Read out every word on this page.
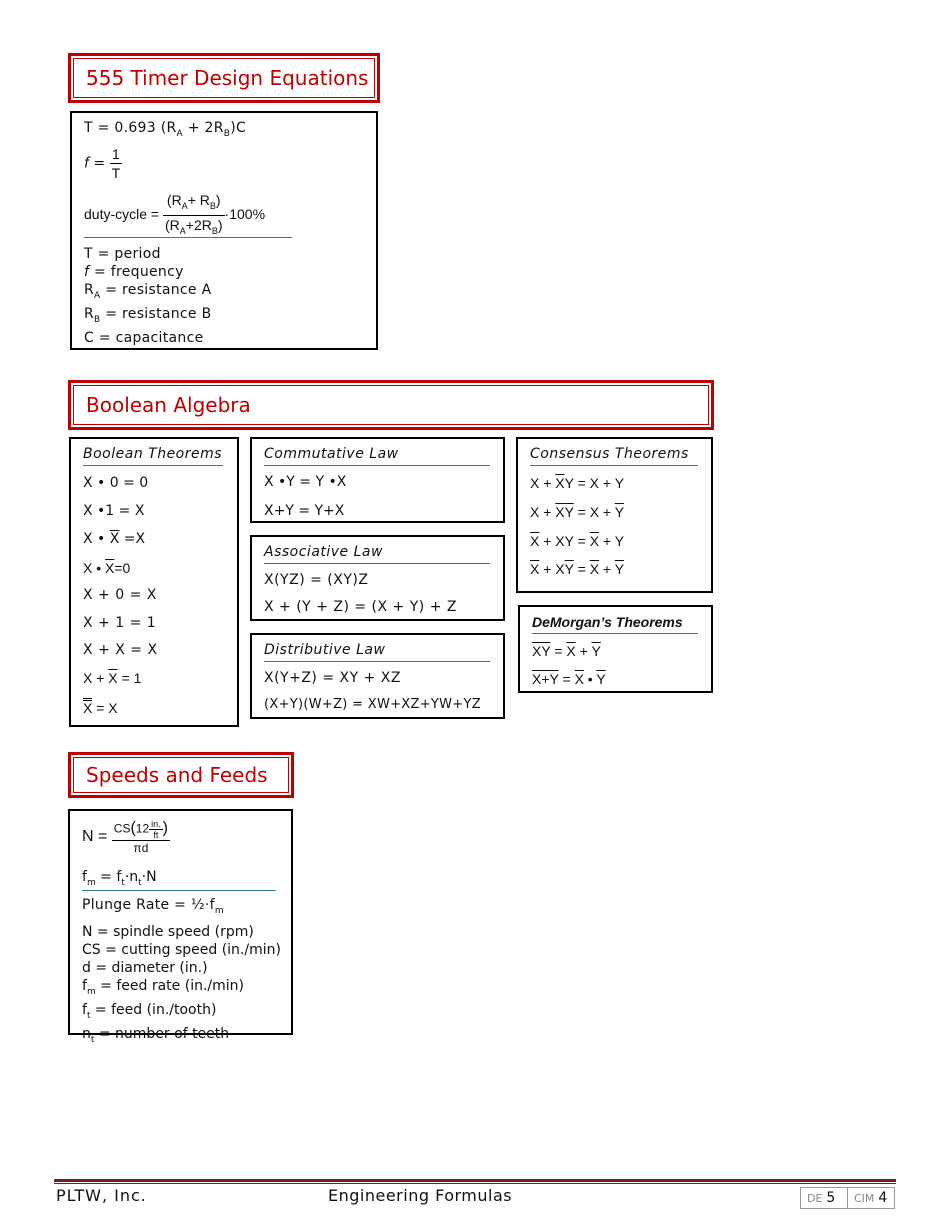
555 Timer Design Equations
T = 0.693 $(R_A + 2R_B)C$
$f = \frac{1}{T}$
duty-cycle = $\frac{(R_A+ R_B)}{(R_A+2R_B)} \cdot 100\%$
T = period
f = frequency
$R_A$ = resistance A
$R_B$ = resistance B
C = capacitance
Boolean Algebra
Boolean Theorems
X • 0 = 0
X •1 = X
X • $\overline{X} =X$
X • $\overline{X}=0$
X + 0 = X
X + 1 = 1
X + X = X
$X + \overline{X} = 1$
X = X
Commutative Law
X •Y = Y •X
X+Y = Y+X
Associative Law
X(YZ) = (XY)Z
X + (Y + Z) = (X + Y) + Z
Distributive Law
X(Y+Z) = XY + XZ
(X+Y)(W+Z) = XW+XZ+YW+YZ
Consensus Theorems
$X + \overline{X}Y = X + Y$
$X + \overline{X}\overline{Y} = X + \overline{Y}$
$\overline{X}$ + XY = $\overline{X} + Y$
$\overline{X} + X\overline{Y} = \overline{X} + \overline{Y}$
DeMorgan’s Theorems
$\overline{XY} = \overline{X} + \overline{Y}$
$X+Y = \overline{X}$ • $\overline{Y}$
Speeds and Feeds
$N = \frac{CS(12 \frac{in.}{ft} )}{\pi d}$
$f_m = f_t\cdot n_t\cdot N$
Plunge Rate = $\frac{1}{2}\cdot f_m$
N = spindle speed (rpm)
CS = cutting speed (in./min)
d = diameter (in.)
$f_m$ = feed rate (in./min)
$f_t$ = feed (in./tooth)
$n_t$ = number of teeth
PLTW, Inc.	Engineering Formulas	DE 5 CIM 4
